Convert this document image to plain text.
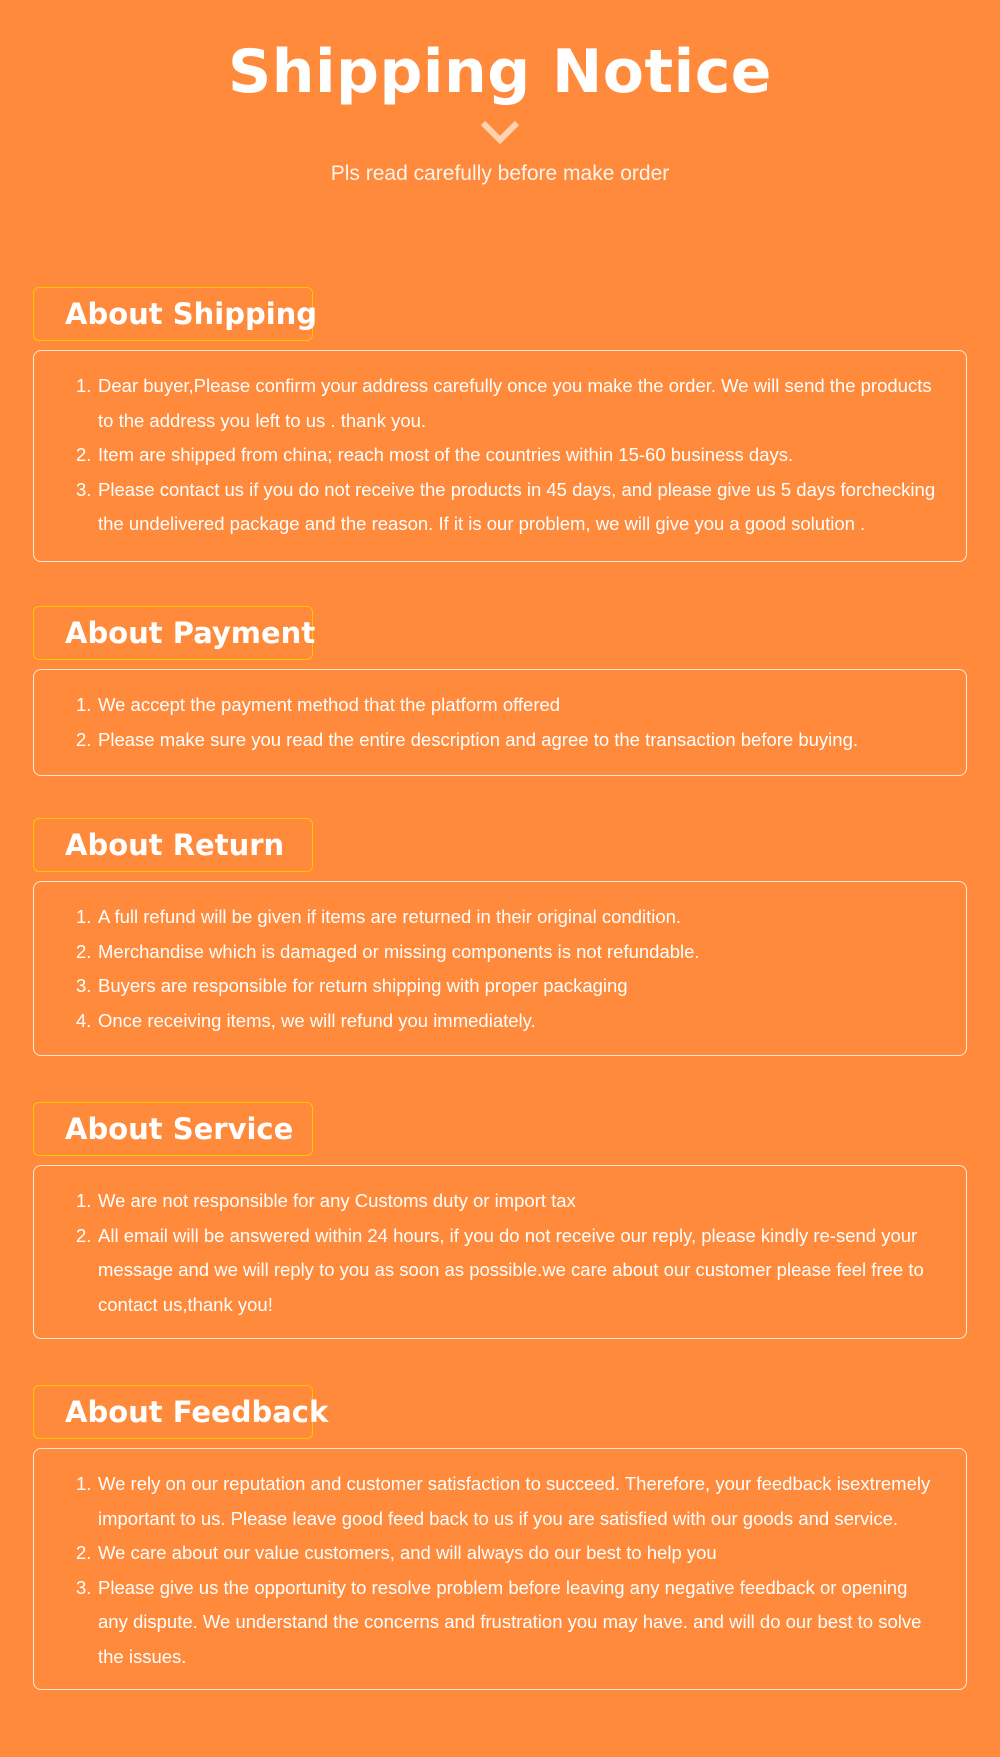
Shipping Notice
Pls read carefully before make order
About Shipping
Dear buyer,Please confirm your address carefully once you make the order. We will send the products to the address you left to us . thank you.
Item are shipped from china; reach most of the countries within 15-60 business days.
Please contact us if you do not receive the products in 45 days, and please give us 5 days forchecking the undelivered package and the reason. If it is our problem, we will give you a good solution .
About Payment
We accept the payment method that the platform offered
Please make sure you read the entire description and agree to the transaction before buying.
About Return
A full refund will be given if items are returned in their original condition.
Merchandise which is damaged or missing components is not refundable.
Buyers are responsible for return shipping with proper packaging
Once receiving items, we will refund you immediately.
About Service
We are not responsible for any Customs duty or import tax
All email will be answered within 24 hours, if you do not receive our reply, please kindly re-send your message and we will reply to you as soon as possible.we care about our customer please feel free to contact us,thank you!
About Feedback
We rely on our reputation and customer satisfaction to succeed. Therefore, your feedback isextremely important to us. Please leave good feed back to us if you are satisfied with our goods and service.
We care about our value customers, and will always do our best to help you
Please give us the opportunity to resolve problem before leaving any negative feedback or opening any dispute. We understand the concerns and frustration you may have. and will do our best to solve the issues.
